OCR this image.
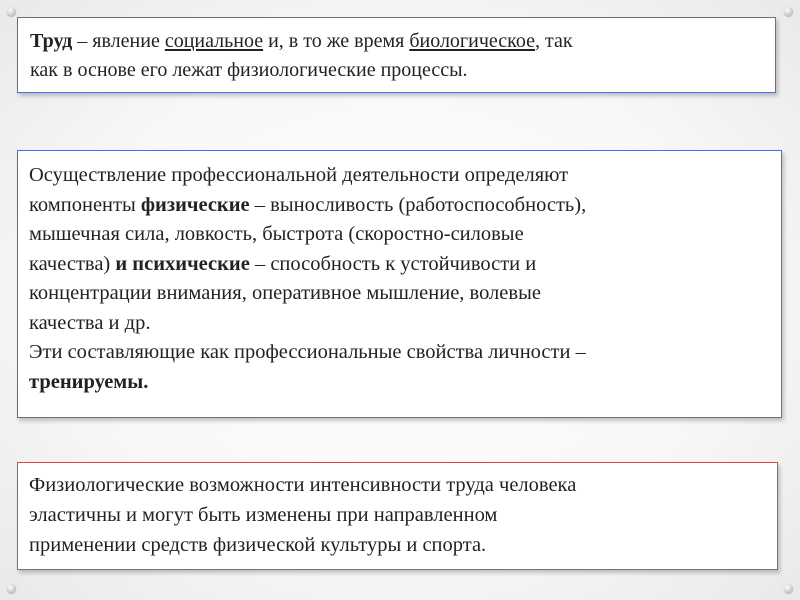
Труд – явление социальное и, в то же время биологическое, так
как в основе его лежат физиологические процессы.
Осуществление профессиональной деятельности определяют
компоненты физические – выносливость (работоспособность),
мышечная сила, ловкость, быстрота (скоростно-силовые
качества) и психические – способность к устойчивости и
концентрации внимания, оперативное мышление, волевые
качества и др.
Эти составляющие как профессиональные свойства личности –
тренируемы.
Физиологические возможности интенсивности труда человека
эластичны и могут быть изменены при направленном
применении средств физической культуры и спорта.
